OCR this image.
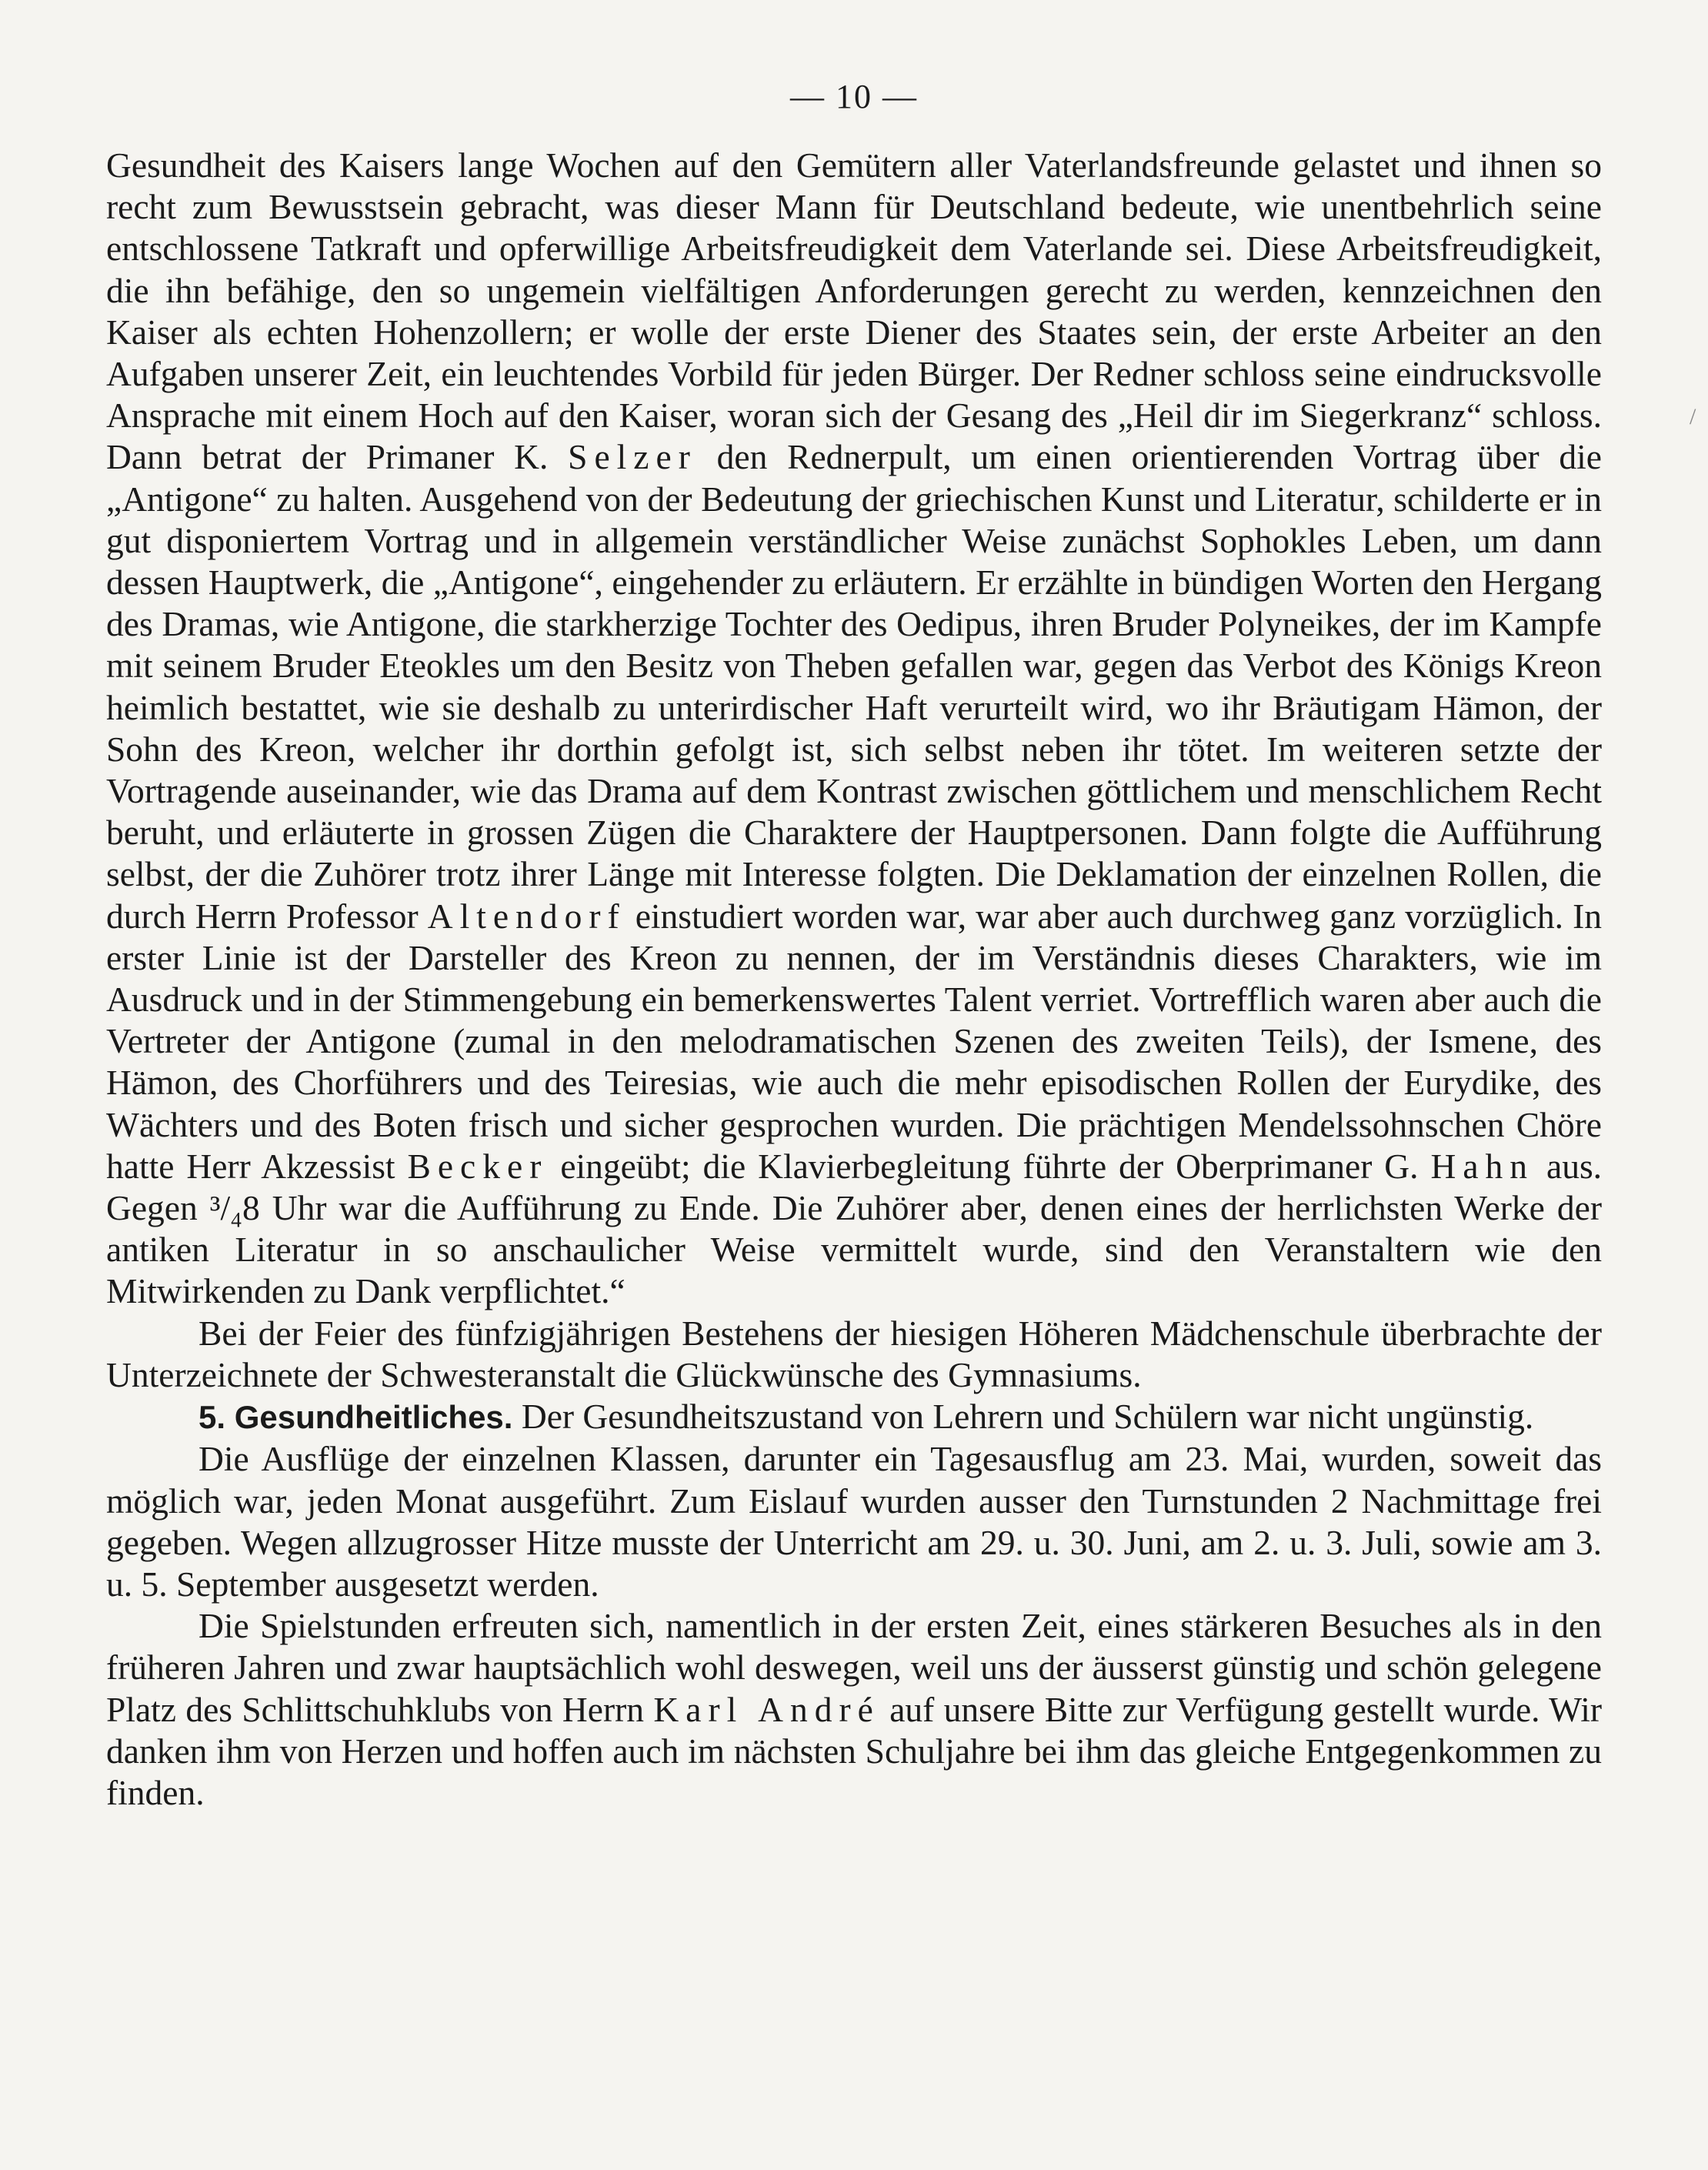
— 10 —

Gesundheit des Kaisers lange Wochen auf den Gemütern aller Vaterlandsfreunde gelastet und ihnen so recht zum Bewusstsein gebracht, was dieser Mann für Deutschland bedeute, wie unentbehrlich seine entschlossene Tatkraft und opferwillige Arbeitsfreudigkeit dem Vaterlande sei. Diese Arbeitsfreudigkeit, die ihn befähige, den so ungemein vielfältigen Anforderungen gerecht zu werden, kennzeichnen den Kaiser als echten Hohenzollern; er wolle der erste Diener des Staates sein, der erste Arbeiter an den Aufgaben unserer Zeit, ein leuchtendes Vorbild für jeden Bürger. Der Redner schloss seine eindrucksvolle Ansprache mit einem Hoch auf den Kaiser, woran sich der Gesang des „Heil dir im Siegerkranz“ schloss. Dann betrat der Primaner K. Selzer den Rednerpult, um einen orientierenden Vortrag über die „Antigone“ zu halten. Ausgehend von der Bedeutung der griechischen Kunst und Literatur, schilderte er in gut disponiertem Vortrag und in allgemein verständlicher Weise zunächst Sophokles Leben, um dann dessen Hauptwerk, die „Antigone“, eingehender zu erläutern. Er erzählte in bündigen Worten den Hergang des Dramas, wie Antigone, die starkherzige Tochter des Oedipus, ihren Bruder Polyneikes, der im Kampfe mit seinem Bruder Eteokles um den Besitz von Theben gefallen war, gegen das Verbot des Königs Kreon heimlich bestattet, wie sie deshalb zu unterirdischer Haft verurteilt wird, wo ihr Bräutigam Hämon, der Sohn des Kreon, welcher ihr dorthin gefolgt ist, sich selbst neben ihr tötet. Im weiteren setzte der Vortragende auseinander, wie das Drama auf dem Kontrast zwischen göttlichem und menschlichem Recht beruht, und erläuterte in grossen Zügen die Charaktere der Hauptpersonen. Dann folgte die Aufführung selbst, der die Zuhörer trotz ihrer Länge mit Interesse folgten. Die Deklamation der einzelnen Rollen, die durch Herrn Professor Altendorf einstudiert worden war, war aber auch durchweg ganz vorzüglich. In erster Linie ist der Darsteller des Kreon zu nennen, der im Verständnis dieses Charakters, wie im Ausdruck und in der Stimmengebung ein bemerkenswertes Talent verriet. Vortrefflich waren aber auch die Vertreter der Antigone (zumal in den melodramatischen Szenen des zweiten Teils), der Ismene, des Hämon, des Chorführers und des Teiresias, wie auch die mehr episodischen Rollen der Eurydike, des Wächters und des Boten frisch und sicher gesprochen wurden. Die prächtigen Mendelssohnschen Chöre hatte Herr Akzessist Becker eingeübt; die Klavierbegleitung führte der Oberprimaner G. Hahn aus. Gegen ³/₄8 Uhr war die Aufführung zu Ende. Die Zuhörer aber, denen eines der herrlichsten Werke der antiken Literatur in so anschaulicher Weise vermittelt wurde, sind den Veranstaltern wie den Mitwirkenden zu Dank verpflichtet.“

Bei der Feier des fünfzigjährigen Bestehens der hiesigen Höheren Mädchenschule überbrachte der Unterzeichnete der Schwesteranstalt die Glückwünsche des Gymnasiums.

5. Gesundheitliches. Der Gesundheitszustand von Lehrern und Schülern war nicht ungünstig.

Die Ausflüge der einzelnen Klassen, darunter ein Tagesausflug am 23. Mai, wurden, soweit das möglich war, jeden Monat ausgeführt. Zum Eislauf wurden ausser den Turnstunden 2 Nachmittage frei gegeben. Wegen allzugrosser Hitze musste der Unterricht am 29. u. 30. Juni, am 2. u. 3. Juli, sowie am 3. u. 5. September ausgesetzt werden.

Die Spielstunden erfreuten sich, namentlich in der ersten Zeit, eines stärkeren Besuches als in den früheren Jahren und zwar hauptsächlich wohl deswegen, weil uns der äusserst günstig und schön gelegene Platz des Schlittschuhklubs von Herrn Karl André auf unsere Bitte zur Verfügung gestellt wurde. Wir danken ihm von Herzen und hoffen auch im nächsten Schuljahre bei ihm das gleiche Entgegenkommen zu finden.

/
